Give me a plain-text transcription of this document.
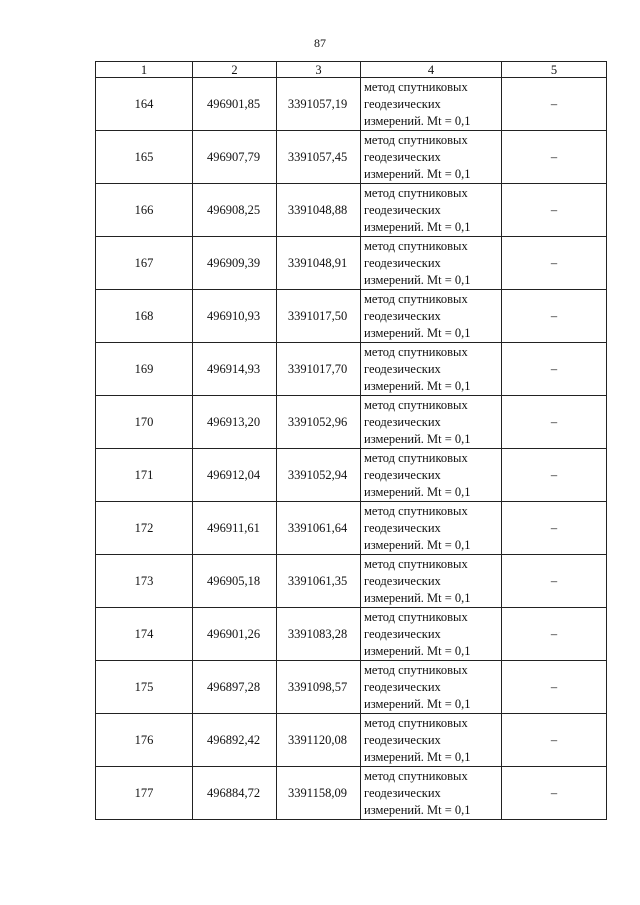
87
1	2	3	4	5
164	496901,85	3391057,19	метод спутниковых
геодезических
измерений. Mt = 0,1	–
165	496907,79	3391057,45	метод спутниковых
геодезических
измерений. Mt = 0,1	–
166	496908,25	3391048,88	метод спутниковых
геодезических
измерений. Mt = 0,1	–
167	496909,39	3391048,91	метод спутниковых
геодезических
измерений. Mt = 0,1	–
168	496910,93	3391017,50	метод спутниковых
геодезических
измерений. Mt = 0,1	–
169	496914,93	3391017,70	метод спутниковых
геодезических
измерений. Mt = 0,1	–
170	496913,20	3391052,96	метод спутниковых
геодезических
измерений. Mt = 0,1	–
171	496912,04	3391052,94	метод спутниковых
геодезических
измерений. Mt = 0,1	–
172	496911,61	3391061,64	метод спутниковых
геодезических
измерений. Mt = 0,1	–
173	496905,18	3391061,35	метод спутниковых
геодезических
измерений. Mt = 0,1	–
174	496901,26	3391083,28	метод спутниковых
геодезических
измерений. Mt = 0,1	–
175	496897,28	3391098,57	метод спутниковых
геодезических
измерений. Mt = 0,1	–
176	496892,42	3391120,08	метод спутниковых
геодезических
измерений. Mt = 0,1	–
177	496884,72	3391158,09	метод спутниковых
геодезических
измерений. Mt = 0,1	–
